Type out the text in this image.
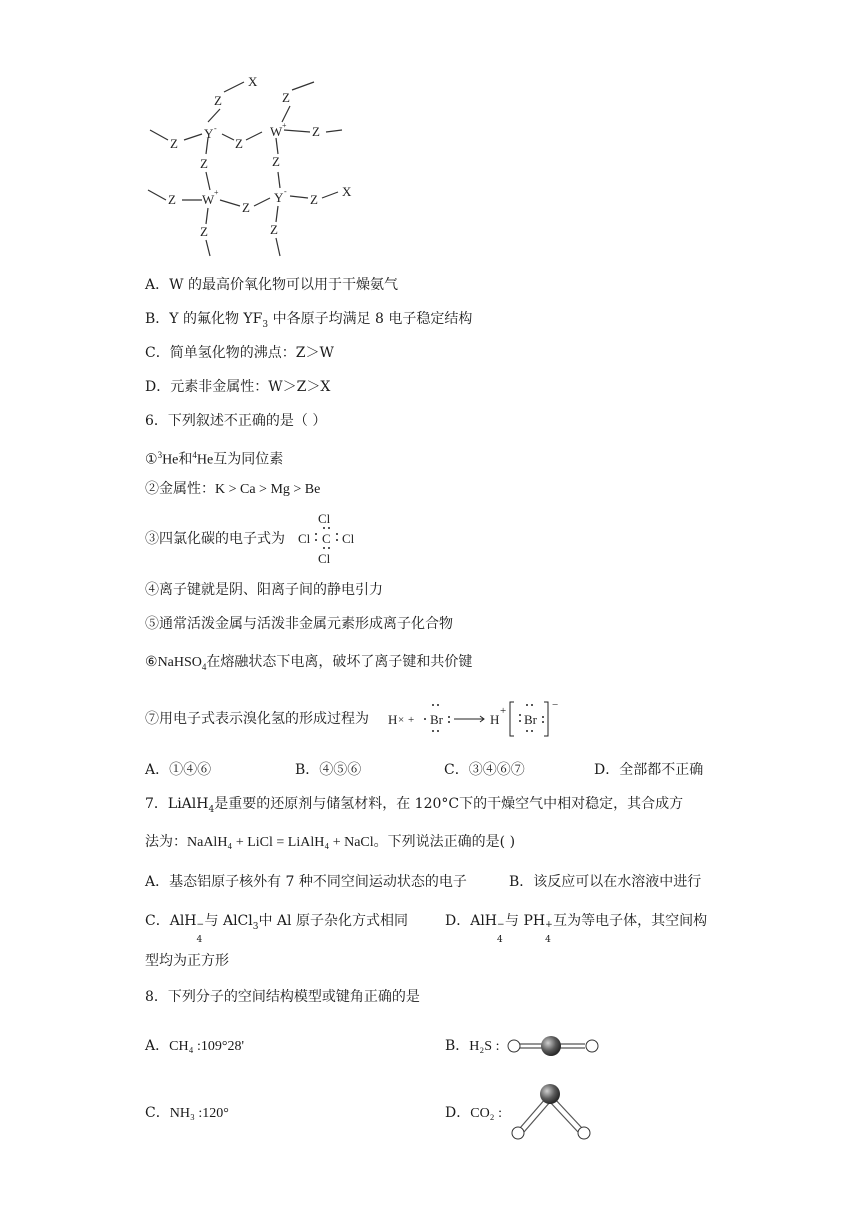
X
Z	Z
W
Y
Z	Z
Z
Z	Z
Z W
Z
Y Z
X
Z	Z
-	+
+	-
A．W 的最高价氧化物可以用于干燥氨气
B．Y 的氟化物 $YF_3$ 中各原子均满足 8 电子稳定结构
C．简单氢化物的沸点：Z＞W
D．元素非金属性：W＞Z＞X
6．下列叙述不正确的是（ ）
①$^3$He和$^4$He互为同位素
②金属性：K > Ca > Mg > Be
③四氯化碳的电子式为
Cl
Cl C Cl
Cl
④离子键就是阴、阳离子间的静电引力
⑤通常活泼金属与活泼非金属元素形成离子化合物
⑥NaHSO$_4$在熔融状态下电离，破坏了离子键和共价键
⑦用电子式表示溴化氢的形成过程为 H	Br	H Br
× +
+	−
A．①④⑥	B．④⑤⑥	C．③④⑥⑦	D．全部都不正确
7．LiAlH$_4$是重要的还原剂与储氢材料，在 120°C下的干燥空气中相对稳定，其合成方
法为：NaAlH₄ + LiCl = LiAlH₄ + NaCl。下列说法正确的是( )
A．基态铝原子核外有 7 种不同空间运动状态的电子	B．该反应可以在水溶液中进行
C．AlH −
4
与 AlCl$_3$中 Al 原子杂化方式相同	D．AlH −
4
与 PH +
4
互为等电子体，其空间构
型均为正方形
8．下列分子的空间结构模型或键角正确的是
A．CH₄ :109°28'	B．H₂S :
C．NH₃ :120°	D．CO₂ :
